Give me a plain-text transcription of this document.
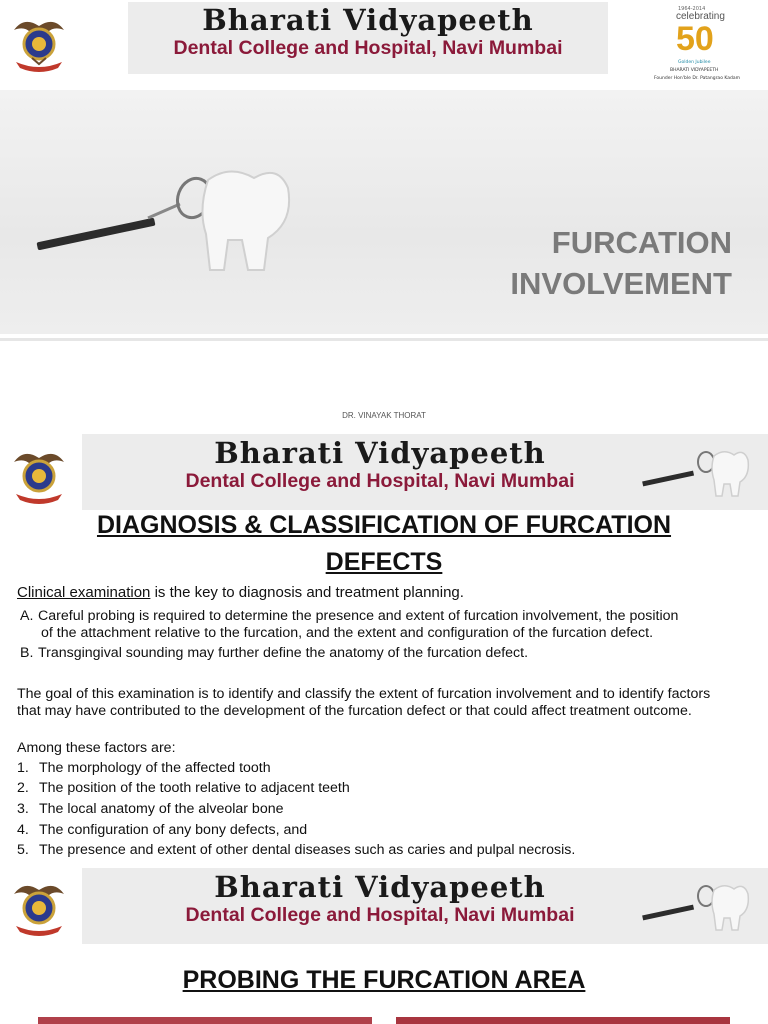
Bharati Vidyapeeth
Dental College and Hospital, Navi Mumbai
1964-2014
celebrating
50
Golden Jubilee
BHARATI VIDYAPEETH
Founder Hon'ble Dr. Patangrao Kadam
FURCATION
INVOLVEMENT
DR. VINAYAK THORAT
Bharati Vidyapeeth
Dental College and Hospital, Navi Mumbai
DIAGNOSIS & CLASSIFICATION OF FURCATION
DEFECTS
Clinical examination is the key to diagnosis and treatment planning.
A. Careful probing is required to determine the presence and extent of furcation involvement, the position
of the attachment relative to the furcation, and the extent and configuration of the furcation defect.
B. Transgingival sounding may further define the anatomy of the furcation defect.
The goal of this examination is to identify and classify the extent of furcation involvement and to identify factors that may have contributed to the development of the furcation defect or that could affect treatment outcome.
Among these factors are:
1. The morphology of the affected tooth
2. The position of the tooth relative to adjacent teeth
3. The local anatomy of the alveolar bone
4. The configuration of any bony defects, and
5. The presence and extent of other dental diseases such as caries and pulpal necrosis.
Bharati Vidyapeeth
Dental College and Hospital, Navi Mumbai
PROBING THE FURCATION AREA
